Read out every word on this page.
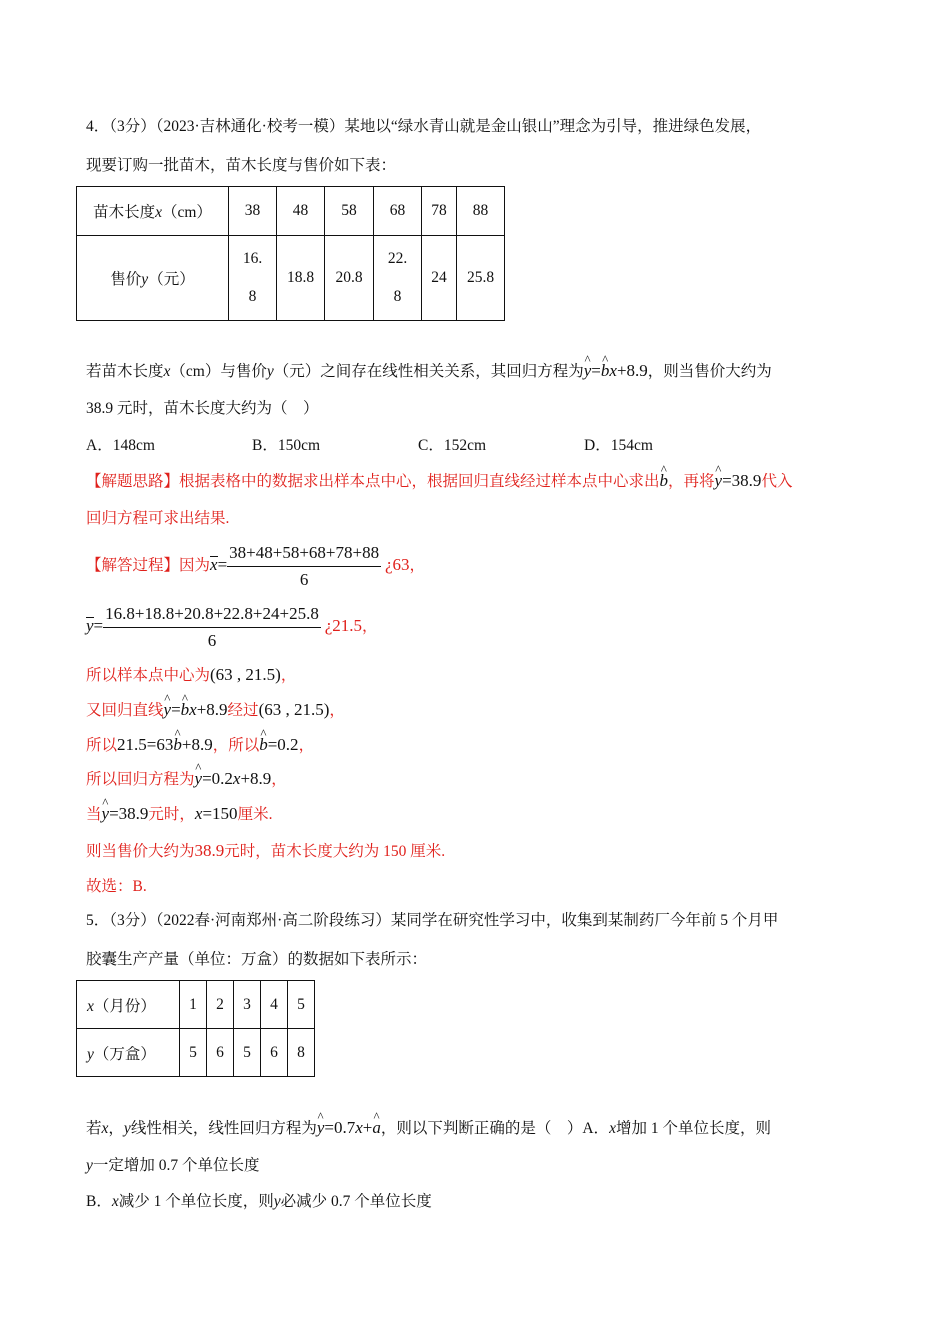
4．（3分）（2023·吉林通化·校考一模）某地以“绿水青山就是金山银山”理念为引导，推进绿色发展，
现要订购一批苗木，苗木长度与售价如下表：
苗木长度x（cm）	38	48	58	68	78	88
售价y（元）	16.
8	18.8	20.8	22.
8	24	25.8
若苗木长度x（cm）与售价y（元）之间存在线性相关关系，其回归方程为^ y=^ bx+8.9，则当售价大约为
38.9 元时，苗木长度大约为（　）
A．148cm	B．150cm	C．152cm	D．154cm
【解题思路】根据表格中的数据求出样本点中心，根据回归直线经过样本点中心求出^ b，再将^ y=38.9代入
回归方程可求出结果.
【解答过程】因为$x= \frac{38+48+58+68+78+88}{6}$ ¿63，
$y= \frac{16.8+18.8+20.8+22.8+24+25.8}{6}$ ¿21.5，
所以样本点中心为(63 , 21.5)，
又回归直线^ y=^ bx+8.9经过(63 , 21.5)，
所以21.5=63^ b+8.9，所以^ b=0.2，
所以回归方程为^ y=0.2x+8.9，
当^ y=38.9元时，x=150厘米.
则当售价大约为38.9元时，苗木长度大约为 150 厘米.
故选：B.
5．（3分）（2022春·河南郑州·高二阶段练习）某同学在研究性学习中，收集到某制药厂今年前 5 个月甲
胶囊生产产量（单位：万盒）的数据如下表所示：
x（月份）	1	2	3	4	5
y（万盒）	5	6	5	6	8
若x，y线性相关，线性回归方程为^ y=0.7x+^ a，则以下判断正确的是（　）A．x增加 1 个单位长度，则
y一定增加 0.7 个单位长度
B．x减少 1 个单位长度，则y必减少 0.7 个单位长度
